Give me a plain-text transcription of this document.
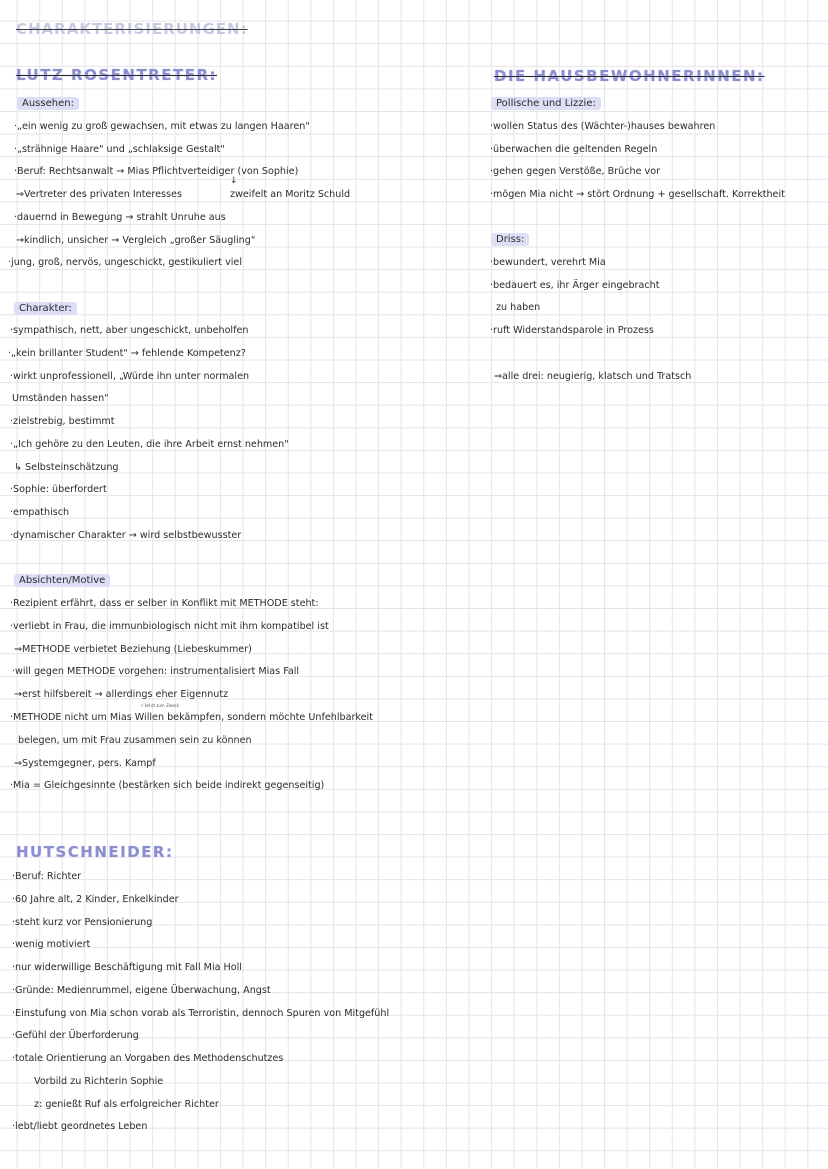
CHARAKTERISIERUNGEN:
LUTZ ROSENTRETER:
Aussehen:
·„ein wenig zu groß gewachsen, mit etwas zu langen Haaren"
·„strähnige Haare" und „schlaksige Gestalt"
·Beruf: Rechtsanwalt → Mias Pflichtverteidiger (von Sophie)
↓
⇒Vertreter des privaten Interesses	zweifelt an Moritz Schuld
·dauernd in Bewegung → strahlt Unruhe aus
→kindlich, unsicher → Vergleich „großer Säugling"
·jung, groß, nervös, ungeschickt, gestikuliert viel
Charakter:
·sympathisch, nett, aber ungeschickt, unbeholfen
·„kein brillanter Student" → fehlende Kompetenz?
·wirkt unprofessionell, „Würde ihn unter normalen
Umständen hassen"
·zielstrebig, bestimmt
·„Ich gehöre zu den Leuten, die ihre Arbeit ernst nehmen"
↳ Selbsteinschätzung
·Sophie: überfordert
·empathisch
·dynamischer Charakter → wird selbstbewusster
Absichten/Motive
·Rezipient erfährt, dass er selber in Konflikt mit METHODE steht:
·verliebt in Frau, die immunbiologisch nicht mit ihm kompatibel ist
⇒METHODE verbietet Beziehung (Liebeskummer)
·will gegen METHODE vorgehen: instrumentalisiert Mias Fall
→erst hilfsbereit → allerdings eher Eigennutz
↗ kehrt zum Zweck
·METHODE nicht um Mias Willen bekämpfen, sondern möchte Unfehlbarkeit
belegen, um mit Frau zusammen sein zu können
⇒Systemgegner, pers. Kampf
·Mia = Gleichgesinnte (bestärken sich beide indirekt gegenseitig)
HUTSCHNEIDER:
·Beruf: Richter
·60 Jahre alt, 2 Kinder, Enkelkinder
·steht kurz vor Pensionierung
·wenig motiviert
·nur widerwillige Beschäftigung mit Fall Mia Holl
·Gründe: Medienrummel, eigene Überwachung, Angst
·Einstufung von Mia schon vorab als Terroristin, dennoch Spuren von Mitgefühl
·Gefühl der Überforderung
·totale Orientierung an Vorgaben des Methodenschutzes
Vorbild zu Richterin Sophie
z: genießt Ruf als erfolgreicher Richter
·lebt/liebt geordnetes Leben
DIE HAUSBEWOHNERINNEN:
Pollische und Lizzie:
·wollen Status des (Wächter-)hauses bewahren
·überwachen die geltenden Regeln
·gehen gegen Verstöße, Brüche vor
·mögen Mia nicht → stört Ordnung + gesellschaft. Korrektheit
Driss:
·bewundert, verehrt Mia
·bedauert es, ihr Ärger eingebracht
zu haben
·ruft Widerstandsparole in Prozess
⇒alle drei: neugierig, klatsch und Tratsch
